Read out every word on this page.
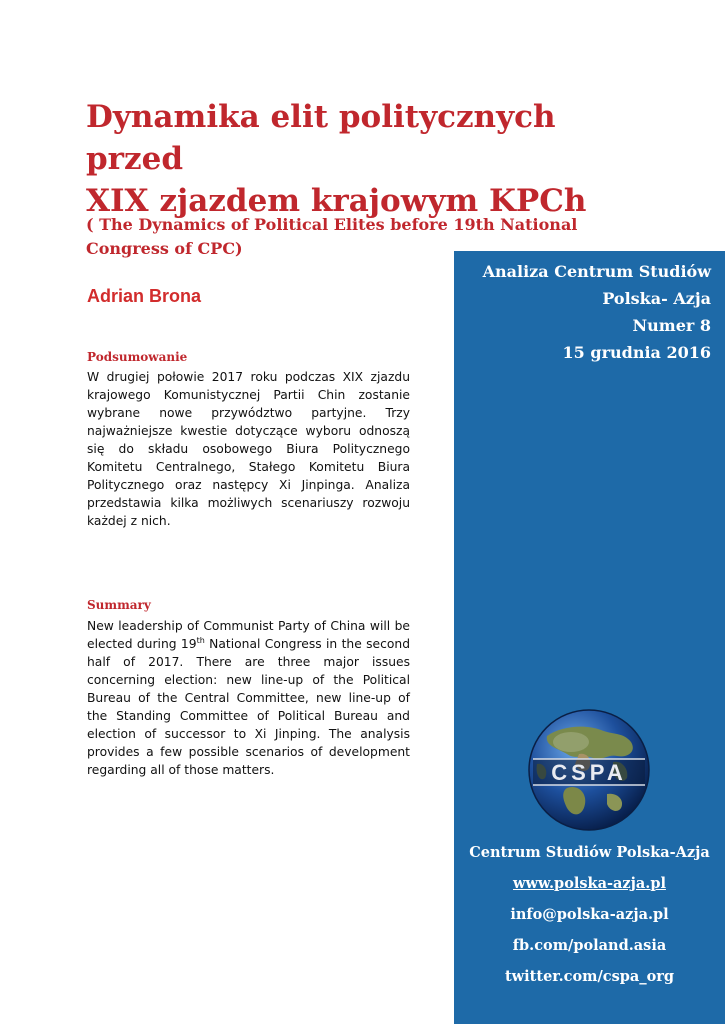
Dynamika elit politycznych przed
XIX zjazdem krajowym KPCh

( The Dynamics of Political Elites before 19th National
Congress of CPC)

Adrian Brona

Podsumowanie

W drugiej połowie 2017 roku podczas XIX zjazdu krajowego Komunistycznej Partii Chin zostanie wybrane nowe przywództwo partyjne. Trzy najważniejsze kwestie dotyczące wyboru odnoszą się do składu osobowego Biura Politycznego Komitetu Centralnego, Stałego Komitetu Biura Politycznego oraz następcy Xi Jinpinga. Analiza przedstawia kilka możliwych scenariuszy rozwoju każdej z nich.

Summary

New leadership of Communist Party of China will be elected during 19th National Congress in the second half of 2017. There are three major issues concerning election: new line-up of the Political Bureau of the Central Committee, new line-up of the Standing Committee of Political Bureau and election of successor to Xi Jinping. The analysis provides a few possible scenarios of development regarding all of those matters.

Analiza Centrum Studiów
Polska- Azja
Numer 8
15 grudnia 2016
CSPA
Centrum Studiów Polska-Azja
www.polska-azja.pl
info@polska-azja.pl
fb.com/poland.asia
twitter.com/cspa_org
